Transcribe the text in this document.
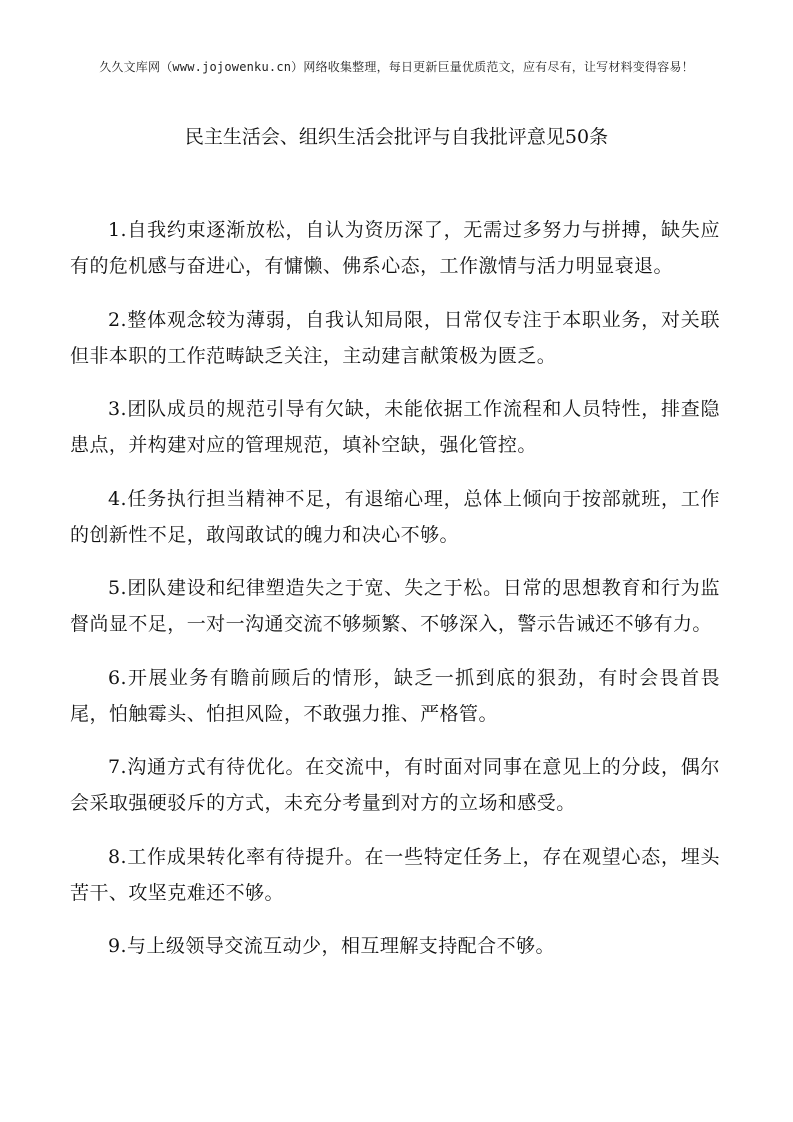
久久文库网（www.jojowenku.cn）网络收集整理，每日更新巨量优质范文，应有尽有，让写材料变得容易！
民主生活会、组织生活会批评与自我批评意见50条

1.自我约束逐渐放松，自认为资历深了，无需过多努力与拼搏，缺失应有的危机感与奋进心，有慵懒、佛系心态，工作激情与活力明显衰退。

2.整体观念较为薄弱，自我认知局限，日常仅专注于本职业务，对关联但非本职的工作范畴缺乏关注，主动建言献策极为匮乏。

3.团队成员的规范引导有欠缺，未能依据工作流程和人员特性，排查隐患点，并构建对应的管理规范，填补空缺，强化管控。

4.任务执行担当精神不足，有退缩心理，总体上倾向于按部就班，工作的创新性不足，敢闯敢试的魄力和决心不够。

5.团队建设和纪律塑造失之于宽、失之于松。日常的思想教育和行为监督尚显不足，一对一沟通交流不够频繁、不够深入，警示告诫还不够有力。

6.开展业务有瞻前顾后的情形，缺乏一抓到底的狠劲，有时会畏首畏尾，怕触霉头、怕担风险，不敢强力推、严格管。

7.沟通方式有待优化。在交流中，有时面对同事在意见上的分歧，偶尔会采取强硬驳斥的方式，未充分考量到对方的立场和感受。

8.工作成果转化率有待提升。在一些特定任务上，存在观望心态，埋头苦干、攻坚克难还不够。

9.与上级领导交流互动少，相互理解支持配合不够。
